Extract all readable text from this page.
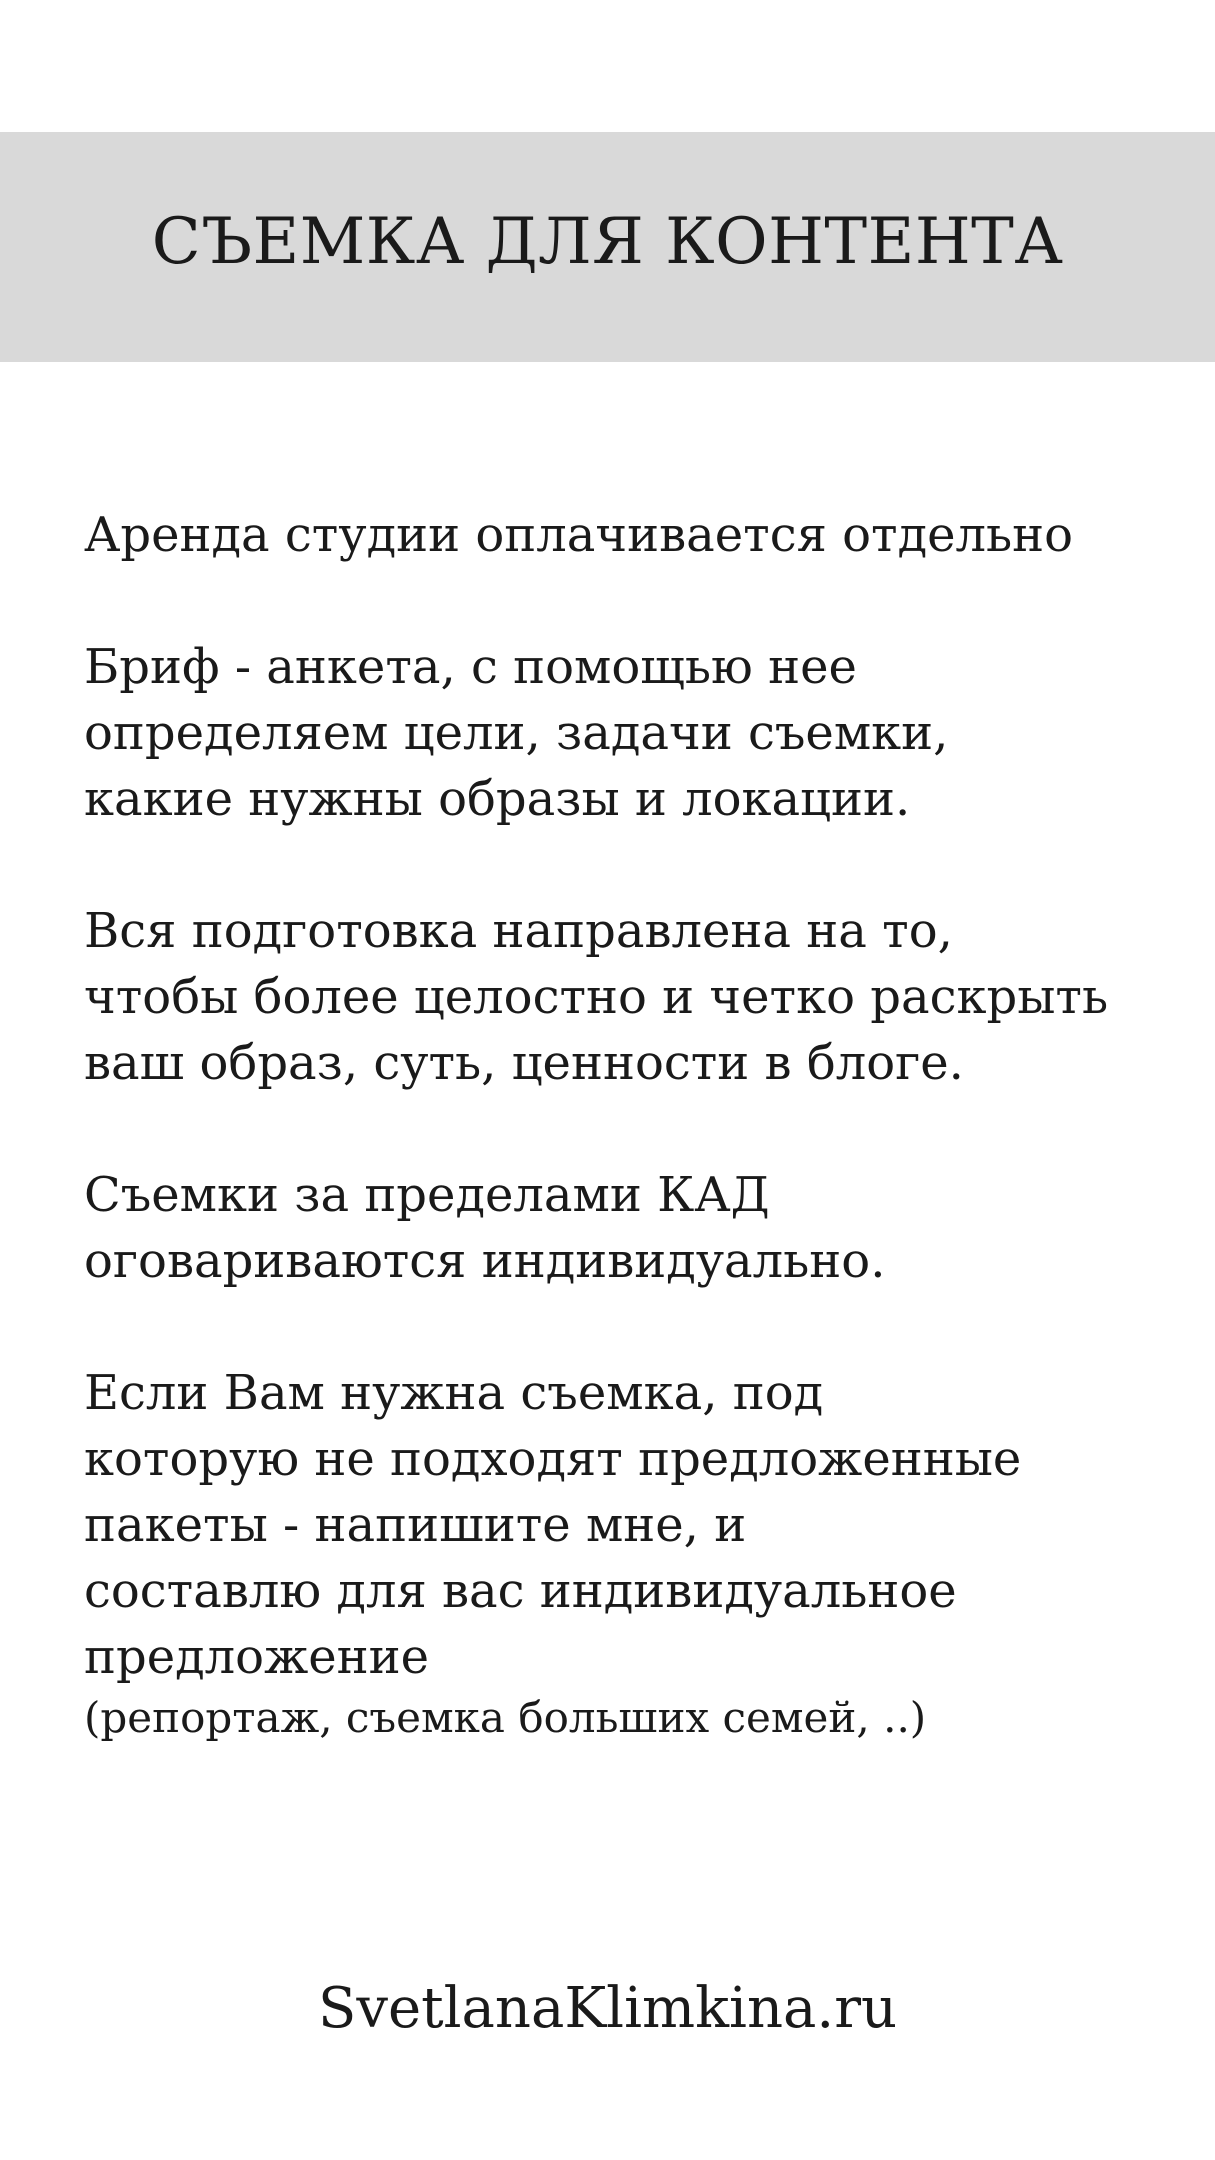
СЪЕМКА ДЛЯ КОНТЕНТА
Аренда студии оплачивается отдельно
Бриф - анкета, с помощью нее
определяем цели, задачи съемки,
какие нужны образы и локации.
Вся подготовка направлена на то,
чтобы более целостно и четко раскрыть
ваш образ, суть, ценности в блоге.
Съемки за пределами КАД
оговариваются индивидуально.
Если Вам нужна съемка, под
которую не подходят предложенные
пакеты - напишите мне, и
составлю для вас индивидуальное
предложение
(репортаж, съемка больших семей, ..)
SvetlanaKlimkina.ru
